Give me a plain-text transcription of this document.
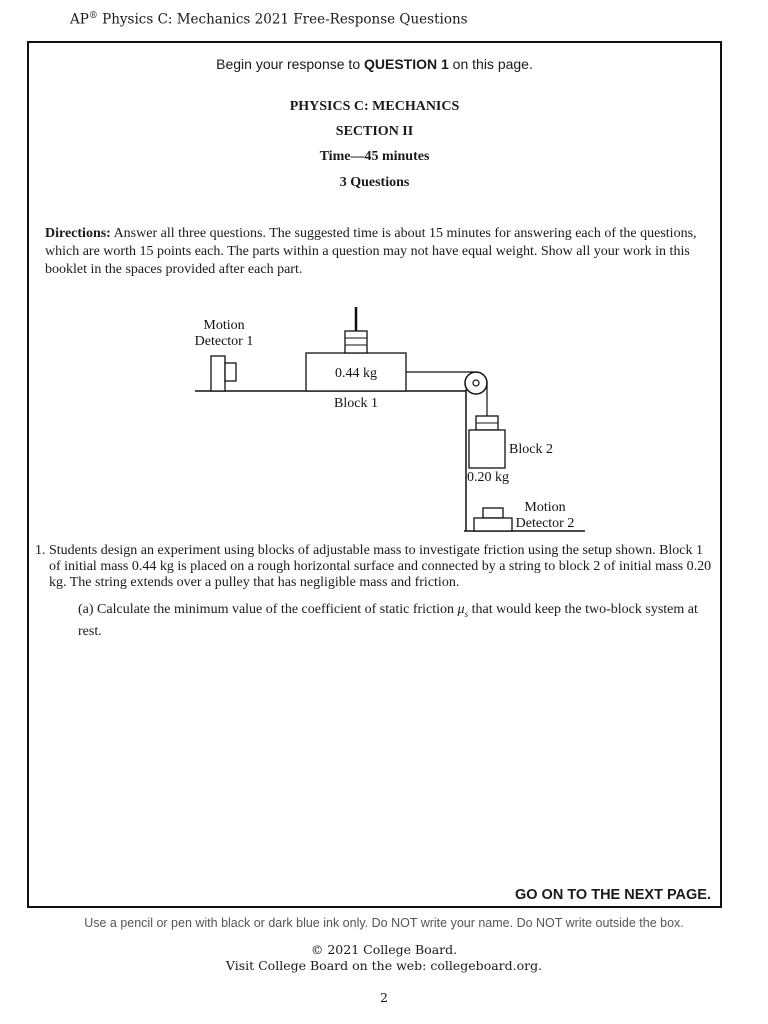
AP® Physics C: Mechanics 2021 Free-Response Questions
Begin your response to QUESTION 1 on this page.
PHYSICS C: MECHANICS
SECTION II
Time—45 minutes
3 Questions
Directions: Answer all three questions. The suggested time is about 15 minutes for answering each of the questions, which are worth 15 points each. The parts within a question may not have equal weight. Show all your work in this booklet in the spaces provided after each part.
Motion
Detector 1
0.44 kg
Block 1
Block 2
0.20 kg
Motion
Detector 2
1. Students design an experiment using blocks of adjustable mass to investigate friction using the setup shown. Block 1 of initial mass 0.44 kg is placed on a rough horizontal surface and connected by a string to block 2 of initial mass 0.20 kg. The string extends over a pulley that has negligible mass and friction.
(a) Calculate the minimum value of the coefficient of static friction $\mu_s$ that would keep the two-block system at rest.
GO ON TO THE NEXT PAGE.
Use a pencil or pen with black or dark blue ink only. Do NOT write your name. Do NOT write outside the box.
© 2021 College Board.
Visit College Board on the web: collegeboard.org.
2
